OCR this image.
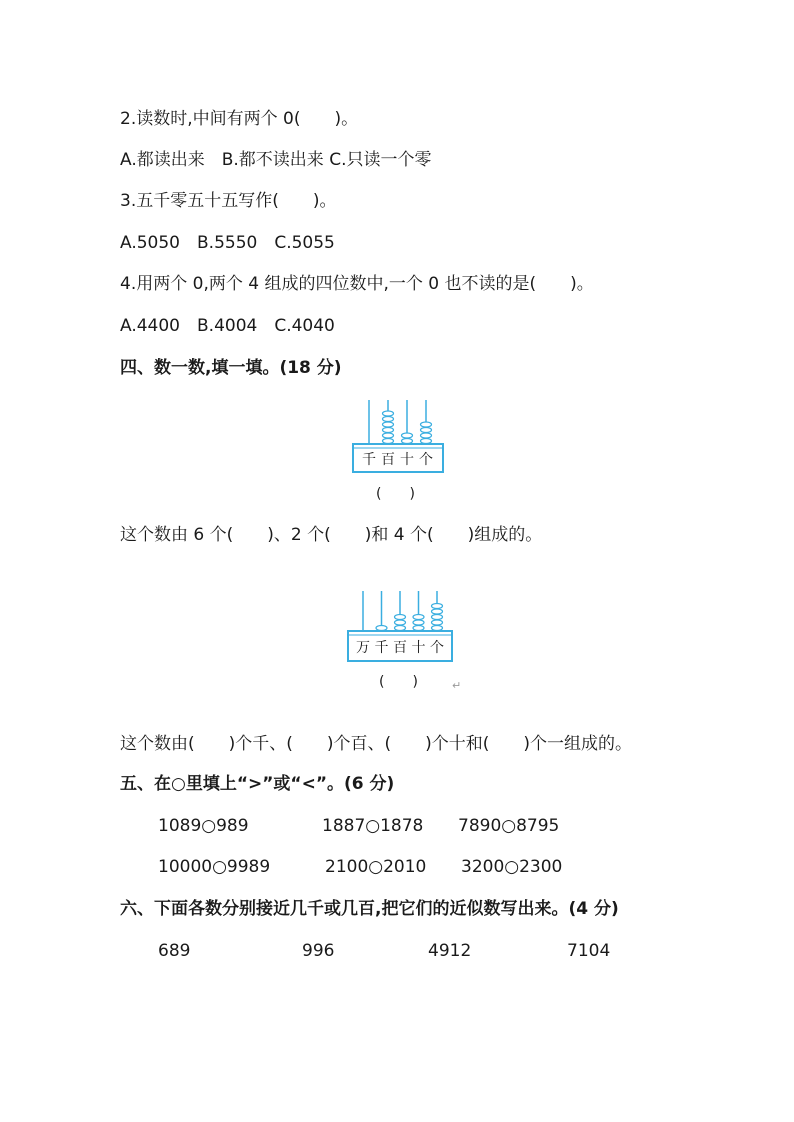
2.读数时,中间有两个 0(　　)。
A.都读出来　B.都不读出来 C.只读一个零
3.五千零五十五写作(　　)。
A.5050　B.5550　C.5055
4.用两个 0,两个 4 组成的四位数中,一个 0 也不读的是(　　)。
A.4400　B.4004　C.4040
四、数一数,填一填。(18 分)
千 百 十 个
(　　)
这个数由 6 个(　　)、2 个(　　)和 4 个(　　)组成的。
万 千 百 十 个
(　　)	↵
这个数由(　　)个千、(　　)个百、(　　)个十和(　　)个一组成的。
五、在○里填上“>”或“<”。(6 分)
1089○989	1887○1878 7890○8795
10000○9989	2100○2010 3200○2300
六、下面各数分别接近几千或几百,把它们的近似数写出来。(4 分)
689	996	4912	7104
